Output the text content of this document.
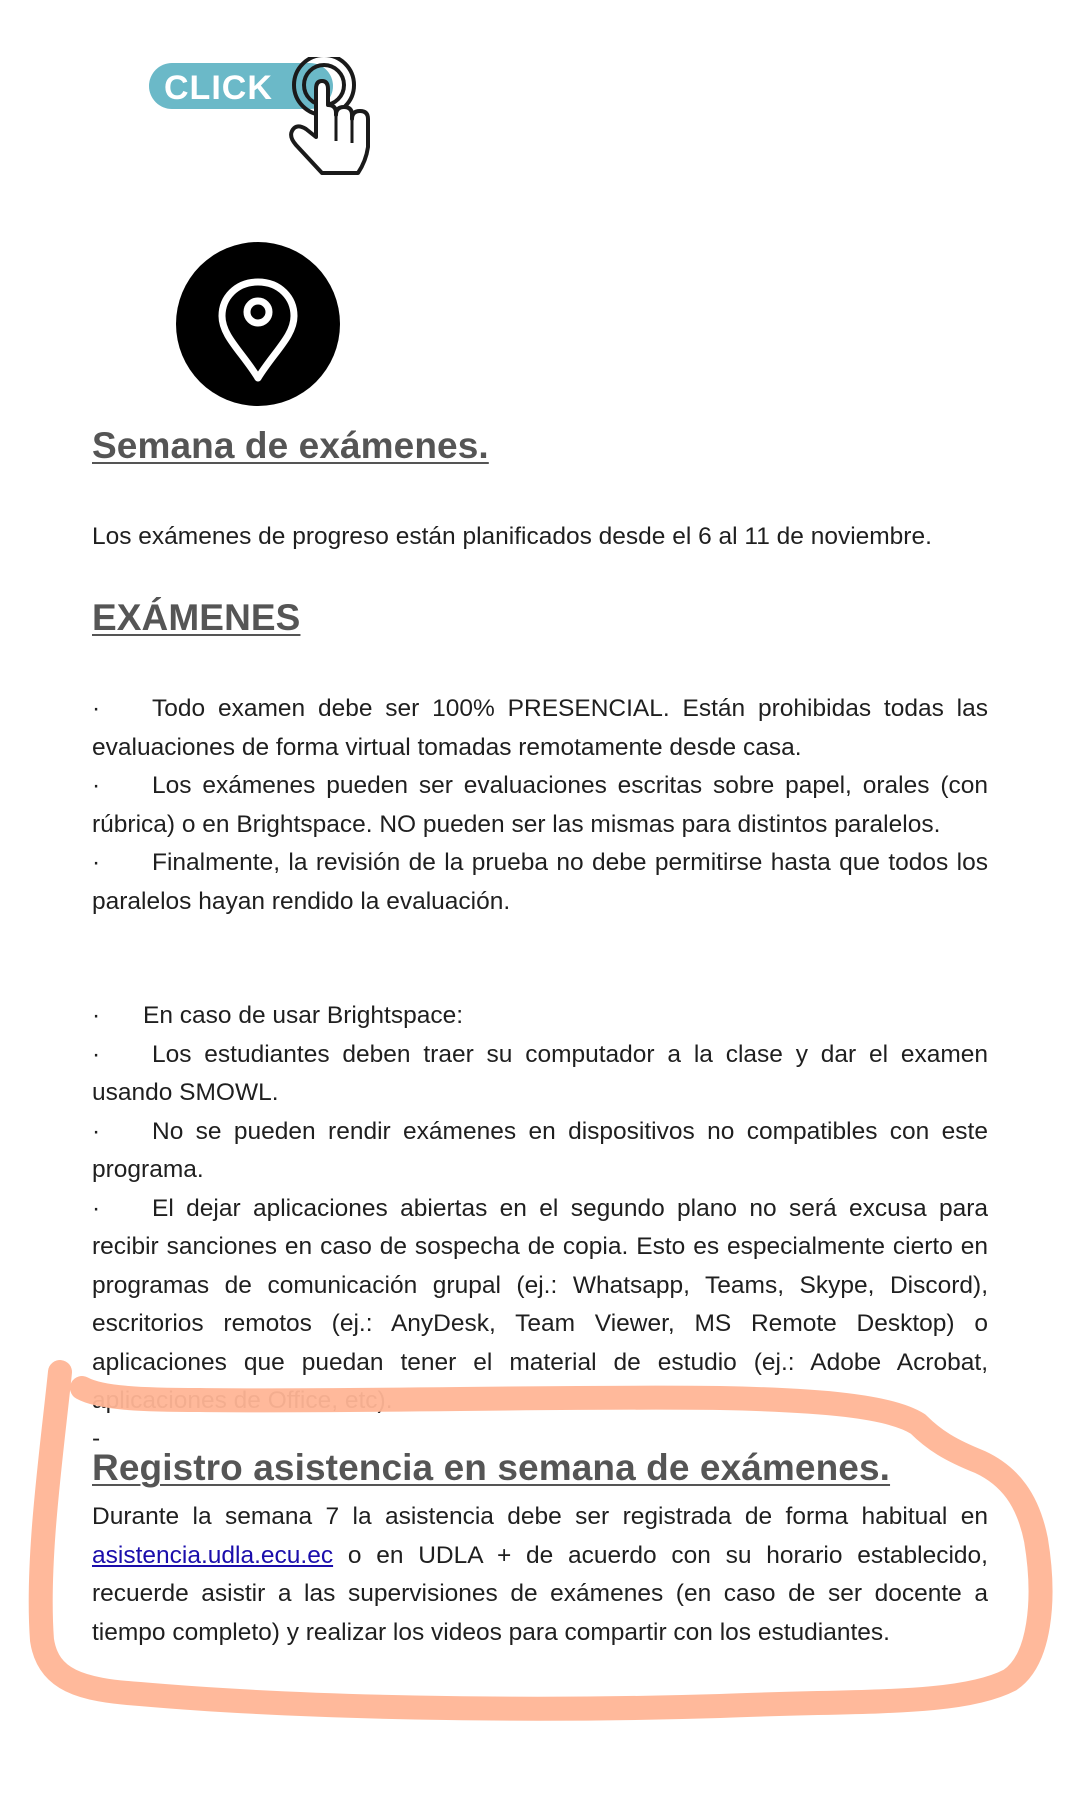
CLICK
Semana de exámenes.

Los exámenes de progreso están planificados desde el 6 al 11 de noviembre.

EXÁMENES

· Todo examen debe ser 100% PRESENCIAL. Están prohibidas todas las evaluaciones de forma virtual tomadas remotamente desde casa.

· Los exámenes pueden ser evaluaciones escritas sobre papel, orales (con rúbrica) o en Brightspace. NO pueden ser las mismas para distintos paralelos.

· Finalmente, la revisión de la prueba no debe permitirse hasta que todos los paralelos hayan rendido la evaluación.

· En caso de usar Brightspace:

· Los estudiantes deben traer su computador a la clase y dar el examen usando SMOWL.

· No se pueden rendir exámenes en dispositivos no compatibles con este programa.

· El dejar aplicaciones abiertas en el segundo plano no será excusa para recibir sanciones en caso de sospecha de copia. Esto es especialmente cierto en programas de comunicación grupal (ej.: Whatsapp, Teams, Skype, Discord), escritorios remotos (ej.: AnyDesk, Team Viewer, MS Remote Desktop) o aplicaciones que puedan tener el material de estudio (ej.: Adobe Acrobat, aplicaciones de Office, etc).

-

Registro asistencia en semana de exámenes.

Durante la semana 7 la asistencia debe ser registrada de forma habitual en asistencia.udla.ecu.ec o en UDLA + de acuerdo con su horario establecido, recuerde asistir a las supervisiones de exámenes (en caso de ser docente a tiempo completo) y realizar los videos para compartir con los estudiantes.
